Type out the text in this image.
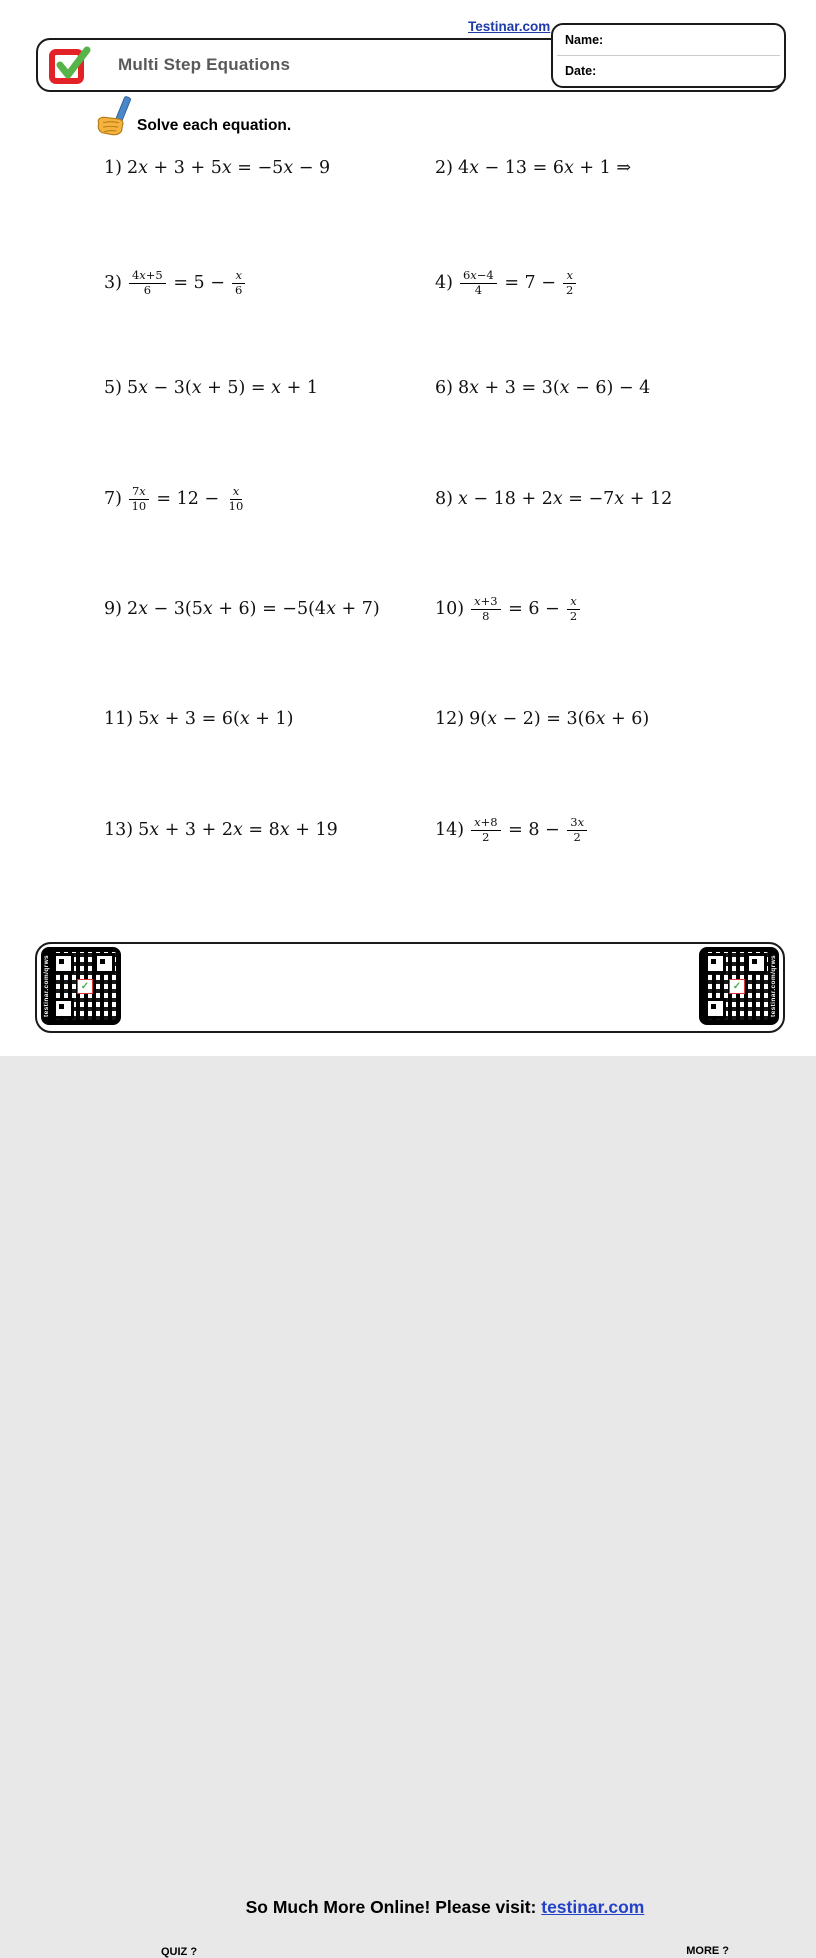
Testinar.com
Multi Step Equations
Name:
Date:
Solve each equation.
1) 2x + 3 + 5x = −5x − 9	2) 4x − 13 = 6x + 1 ⇒
$3) \frac{4x+5}{6} = 5 - \frac{x}{6}$	$4) \frac{6x-4}{4} = 7 - \frac{x}{2}$
5) 5x − 3(x + 5) = x + 1	6) 8x + 3 = 3(x − 6) − 4
$7) \frac{7x}{10} = 12 - \frac{x}{10}$	8) x − 18 + 2x = −7x + 12
9) 2x − 3(5x + 6) = −5(4x + 7)	$10) \frac{x+3}{8} = 6 - \frac{x}{2}$
11) 5x + 3 = 6(x + 1)	12) 9(x − 2) = 3(6x + 6)
13) 5x + 3 + 2x = 8x + 19	$14) \frac{x+8}{2} = 8 - \frac{3x}{2}$
So Much More Online! Please visit: testinar.com
QUIZ ?	MORE ?
testinar.com/qrws	✓	testinar.com/qrws
✓
